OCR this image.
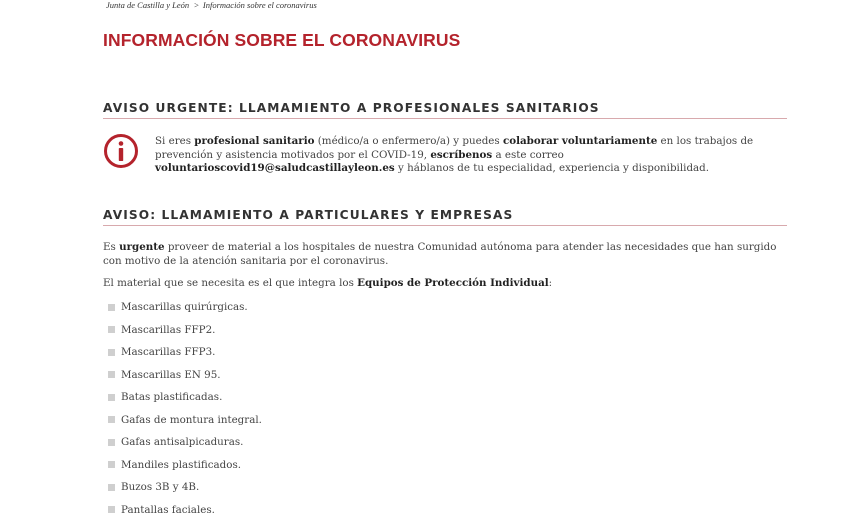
Junta de Castilla y León > Información sobre el coronavirus
INFORMACIÓN SOBRE EL CORONAVIRUS
AVISO URGENTE: LLAMAMIENTO A PROFESIONALES SANITARIOS
Si eres profesional sanitario (médico/a o enfermero/a) y puedes colaborar voluntariamente en los trabajos de prevención y asistencia motivados por el COVID-19, escríbenos a este correo voluntarioscovid19@saludcastillayleon.es y háblanos de tu especialidad, experiencia y disponibilidad.
AVISO: LLAMAMIENTO A PARTICULARES Y EMPRESAS

Es urgente proveer de material a los hospitales de nuestra Comunidad autónoma para atender las necesidades que han surgido con motivo de la atención sanitaria por el coronavirus.

El material que se necesita es el que integra los Equipos de Protección Individual:

Mascarillas quirúrgicas.
Mascarillas FFP2.
Mascarillas FFP3.
Mascarillas EN 95.
Batas plastificadas.
Gafas de montura integral.
Gafas antisalpicaduras.
Mandiles plastificados.
Buzos 3B y 4B.
Pantallas faciales.
